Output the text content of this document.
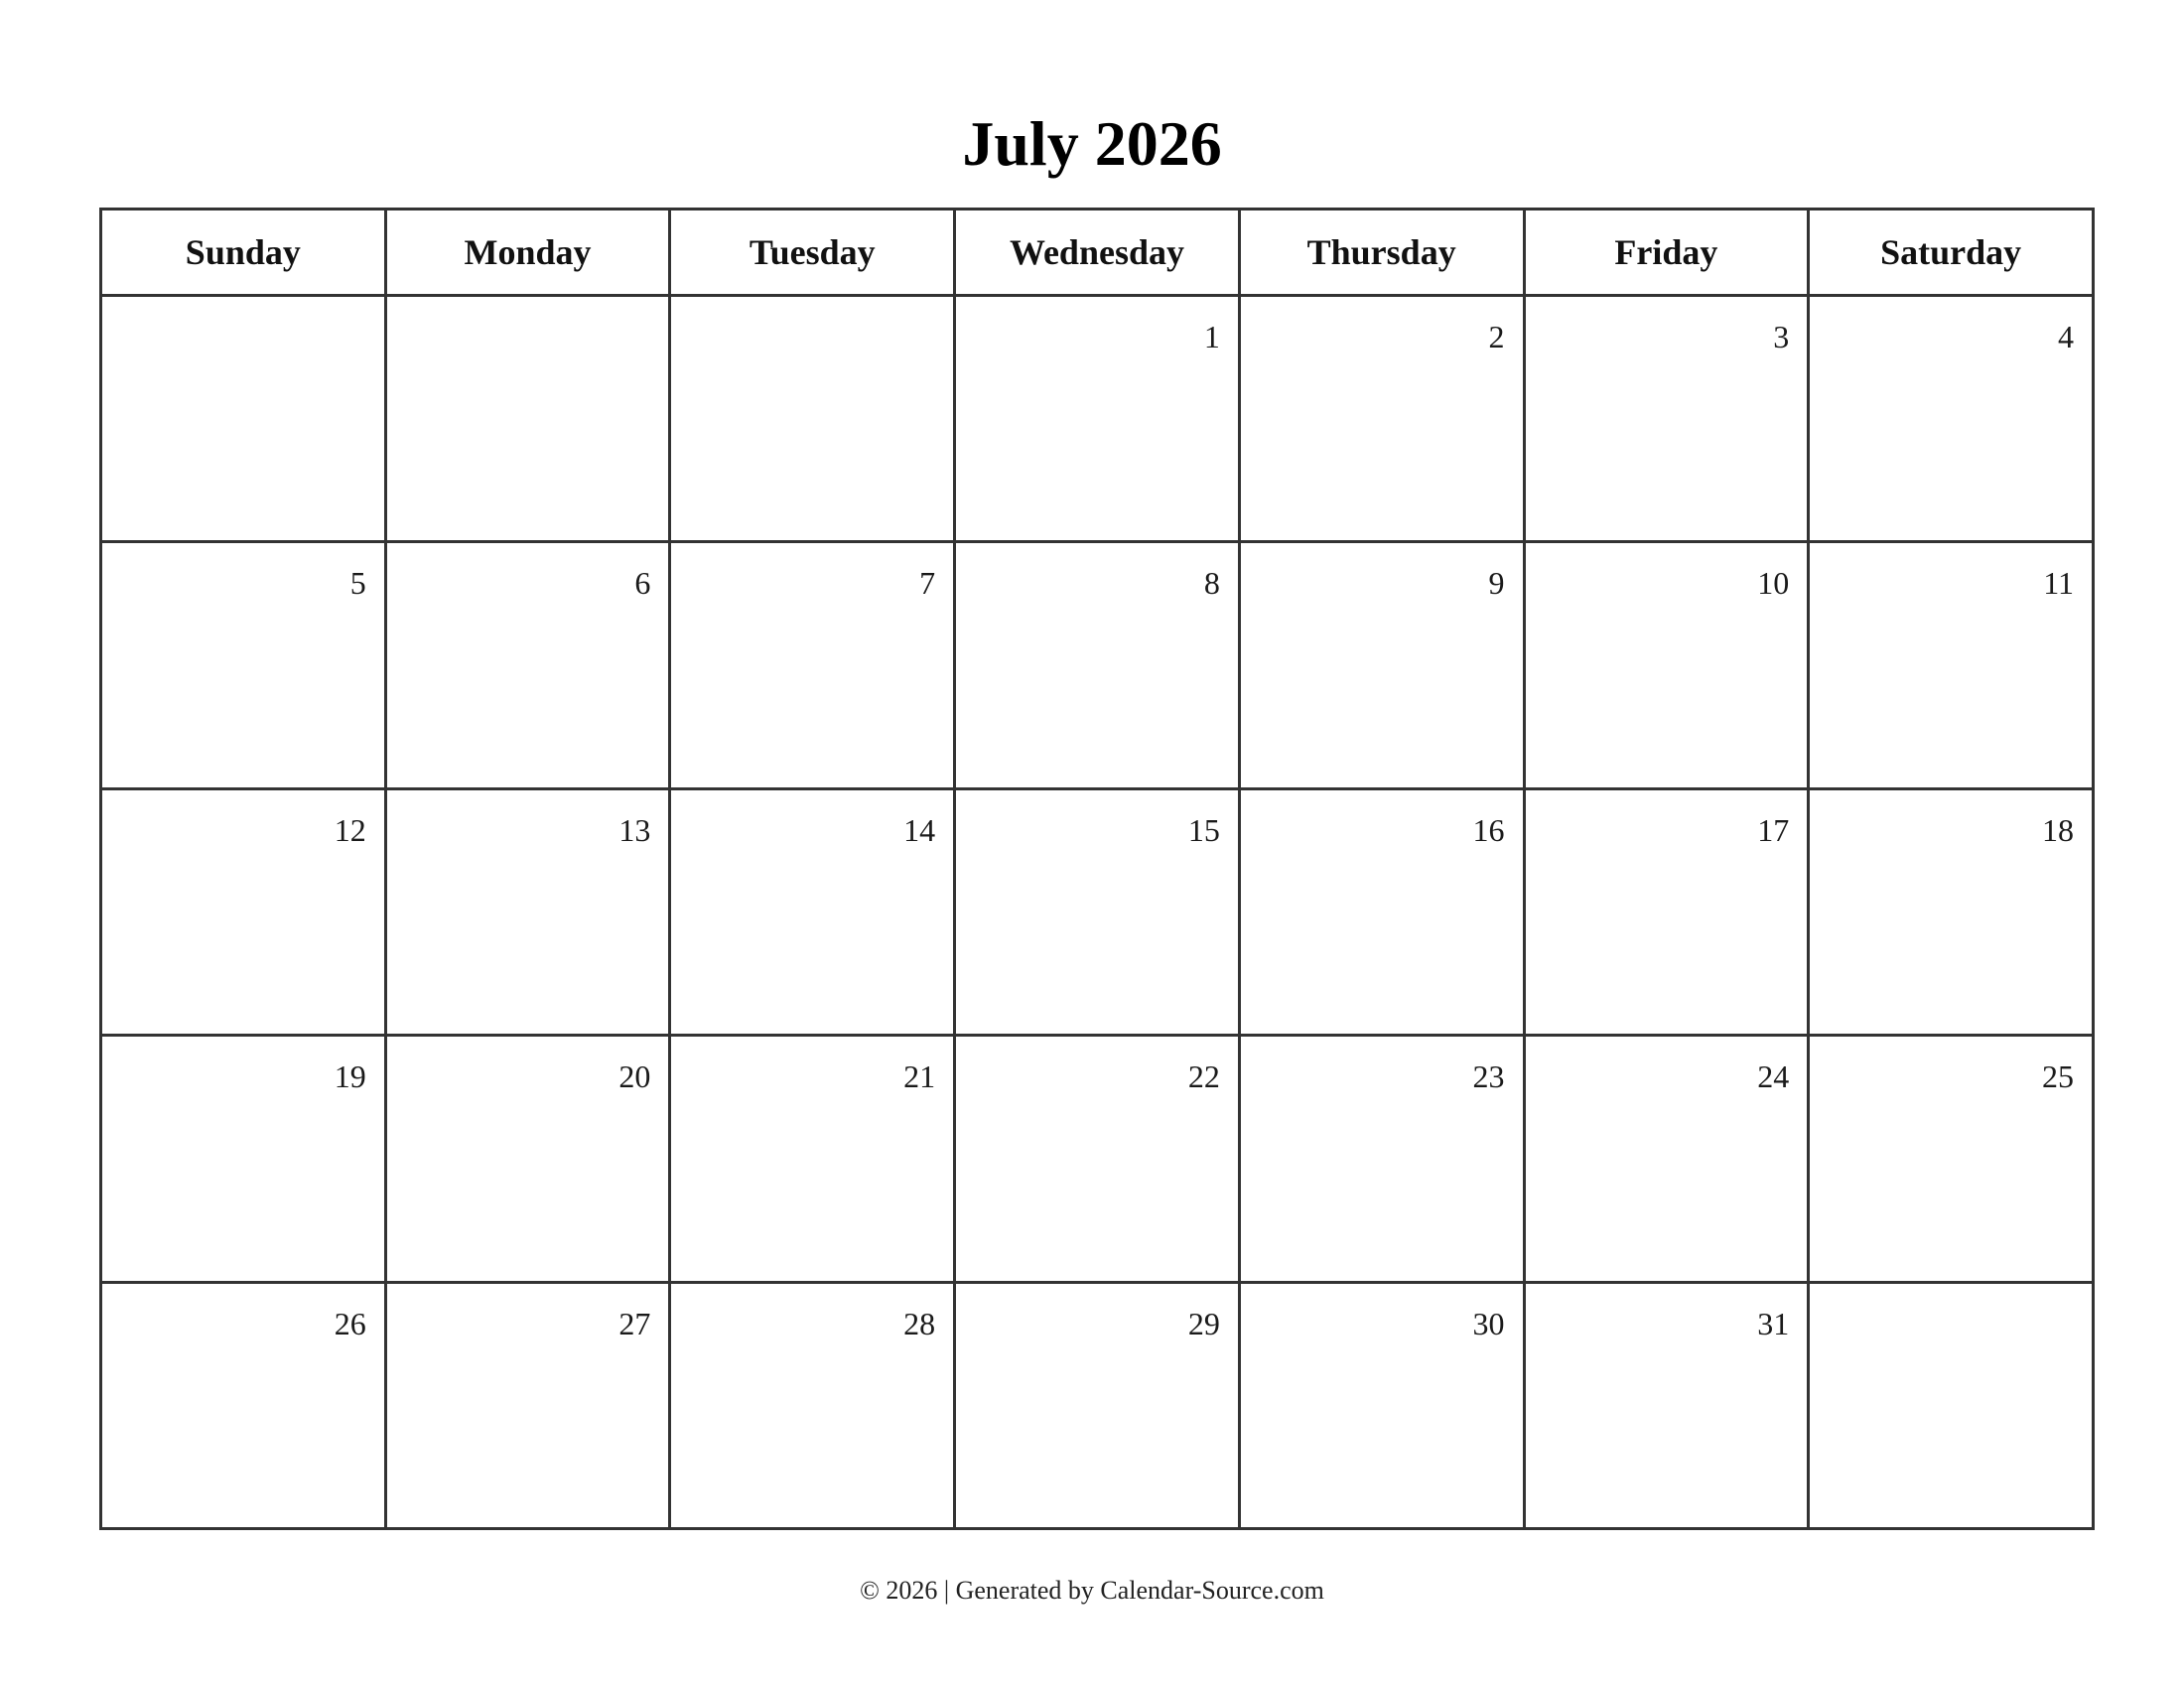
July 2026
Sunday	Monday	Tuesday	Wednesday	Thursday	Friday	Saturday

			1	2	3	4

5	6	7	8	9	10	11

12	13	14	15	16	17	18

19	20	21	22	23	24	25

26	27	28	29	30	31	

© 2026 | Generated by Calendar-Source.com
